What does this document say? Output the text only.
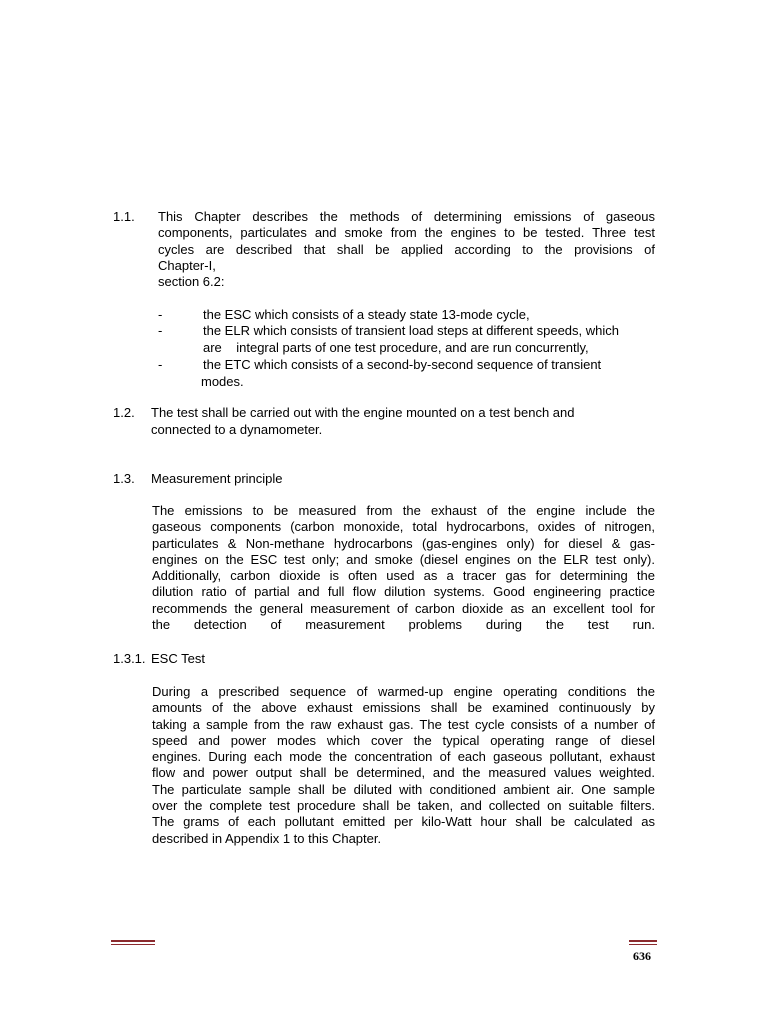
1.1. This Chapter describes the methods of determining emissions of gaseous
components, particulates and smoke from the engines to be tested. Three test
cycles are described that shall be applied according to the provisions of
Chapter-I,
section 6.2:
-	the ESC which consists of a steady state 13-mode cycle,
-	the ELR which consists of transient load steps at different speeds, which
are    integral parts of one test procedure, and are run concurrently,
-	the ETC which consists of a second-by-second sequence of transient
modes.
1.2. The test shall be carried out with the engine mounted on a test bench and
connected to a dynamometer.
1.3. Measurement principle
The emissions to be measured from the exhaust of the engine include the
gaseous components (carbon monoxide, total hydrocarbons, oxides of nitrogen,
particulates & Non-methane hydrocarbons (gas-engines only) for diesel & gas-
engines on the ESC test only; and smoke (diesel engines on the ELR test only).
Additionally, carbon dioxide is often used as a tracer gas for determining the
dilution ratio of partial and full flow dilution systems. Good engineering practice
recommends the general measurement of carbon dioxide as an excellent tool for
the detection of measurement problems during the test run.
1.3.1. ESC Test
During a prescribed sequence of warmed-up engine operating conditions the
amounts of the above exhaust emissions shall be examined continuously by
taking a sample from the raw exhaust gas. The test cycle consists of a number of
speed and power modes which cover the typical operating range of diesel
engines. During each mode the concentration of each gaseous pollutant, exhaust
flow and power output shall be determined, and the measured values weighted.
The particulate sample shall be diluted with conditioned ambient air. One sample
over the complete test procedure shall be taken, and collected on suitable filters.
The grams of each pollutant emitted per kilo-Watt hour shall be calculated as
described in Appendix 1 to this Chapter.
636
